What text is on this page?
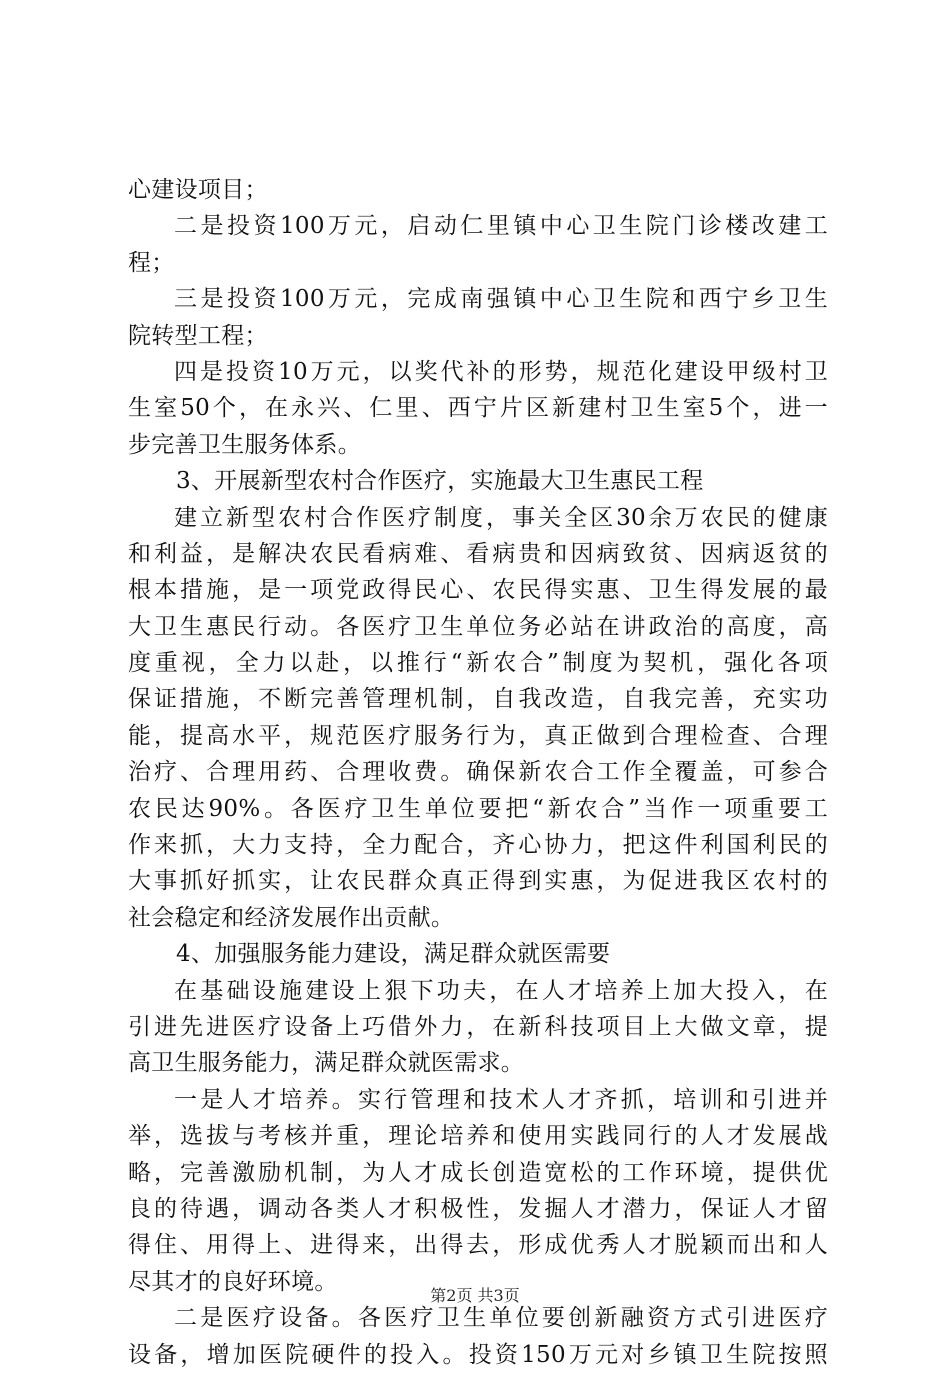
心建设项目；
二是投资100万元，启动仁里镇中心卫生院门诊楼改建工
程；
三是投资100万元，完成南强镇中心卫生院和西宁乡卫生
院转型工程；
四是投资10万元，以奖代补的形势，规范化建设甲级村卫
生室50个，在永兴、仁里、西宁片区新建村卫生室5个，进一
步完善卫生服务体系。
3、开展新型农村合作医疗，实施最大卫生惠民工程
建立新型农村合作医疗制度，事关全区30余万农民的健康
和利益，是解决农民看病难、看病贵和因病致贫、因病返贫的
根本措施，是一项党政得民心、农民得实惠、卫生得发展的最
大卫生惠民行动。各医疗卫生单位务必站在讲政治的高度，高
度重视，全力以赴，以推行“新农合”制度为契机，强化各项
保证措施，不断完善管理机制，自我改造，自我完善，充实功
能，提高水平，规范医疗服务行为，真正做到合理检查、合理
治疗、合理用药、合理收费。确保新农合工作全覆盖，可参合
农民达90%。各医疗卫生单位要把“新农合”当作一项重要工
作来抓，大力支持，全力配合，齐心协力，把这件利国利民的
大事抓好抓实，让农民群众真正得到实惠，为促进我区农村的
社会稳定和经济发展作出贡献。
4、加强服务能力建设，满足群众就医需要
在基础设施建设上狠下功夫，在人才培养上加大投入，在
引进先进医疗设备上巧借外力，在新科技项目上大做文章，提
高卫生服务能力，满足群众就医需求。
一是人才培养。实行管理和技术人才齐抓，培训和引进并
举，选拔与考核并重，理论培养和使用实践同行的人才发展战
略，完善激励机制，为人才成长创造宽松的工作环境，提供优
良的待遇，调动各类人才积极性，发掘人才潜力，保证人才留
得住、用得上、进得来，出得去，形成优秀人才脱颖而出和人
尽其才的良好环境。
二是医疗设备。各医疗卫生单位要创新融资方式引进医疗
设备，增加医院硬件的投入。投资150万元对乡镇卫生院按照
第2页 共3页
